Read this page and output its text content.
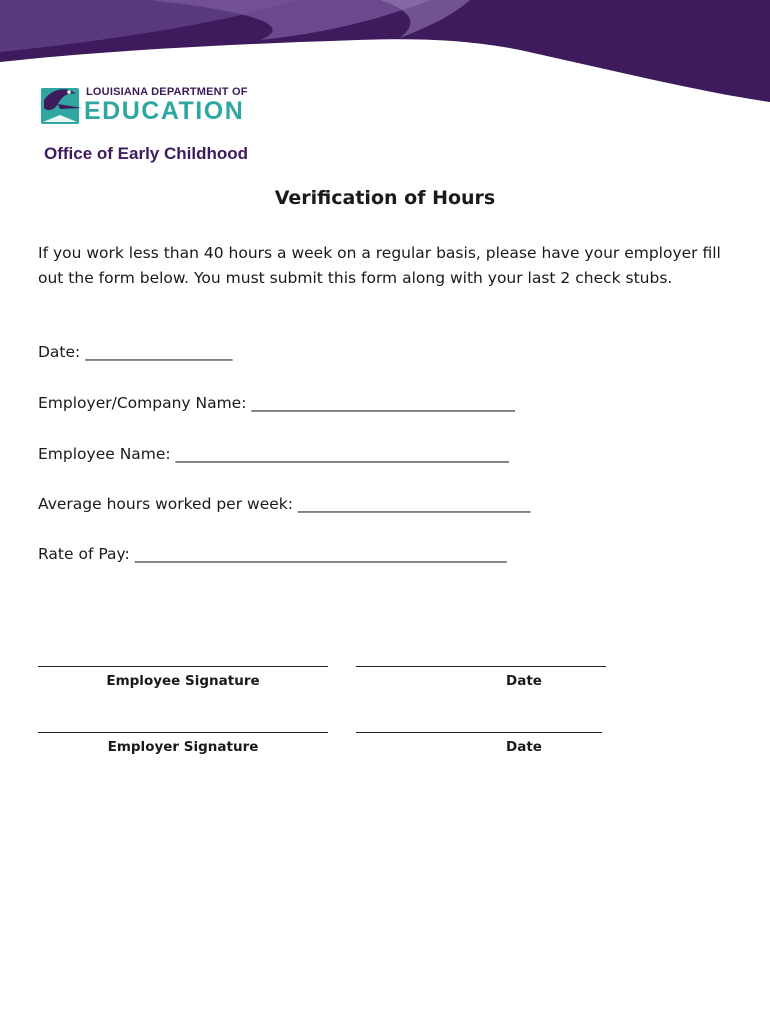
LOUISIANA DEPARTMENT OF
EDUCATION
Office of Early Childhood
Verification of Hours
If you work less than 40 hours a week on a regular basis, please have your employer fill out the form below. You must submit this form along with your last 2 check stubs.
Date: ___________________
Employer/Company Name: __________________________________
Employee Name: ___________________________________________
Average hours worked per week: ______________________________
Rate of Pay: ________________________________________________
Employee Signature	Date
Employer Signature	Date
